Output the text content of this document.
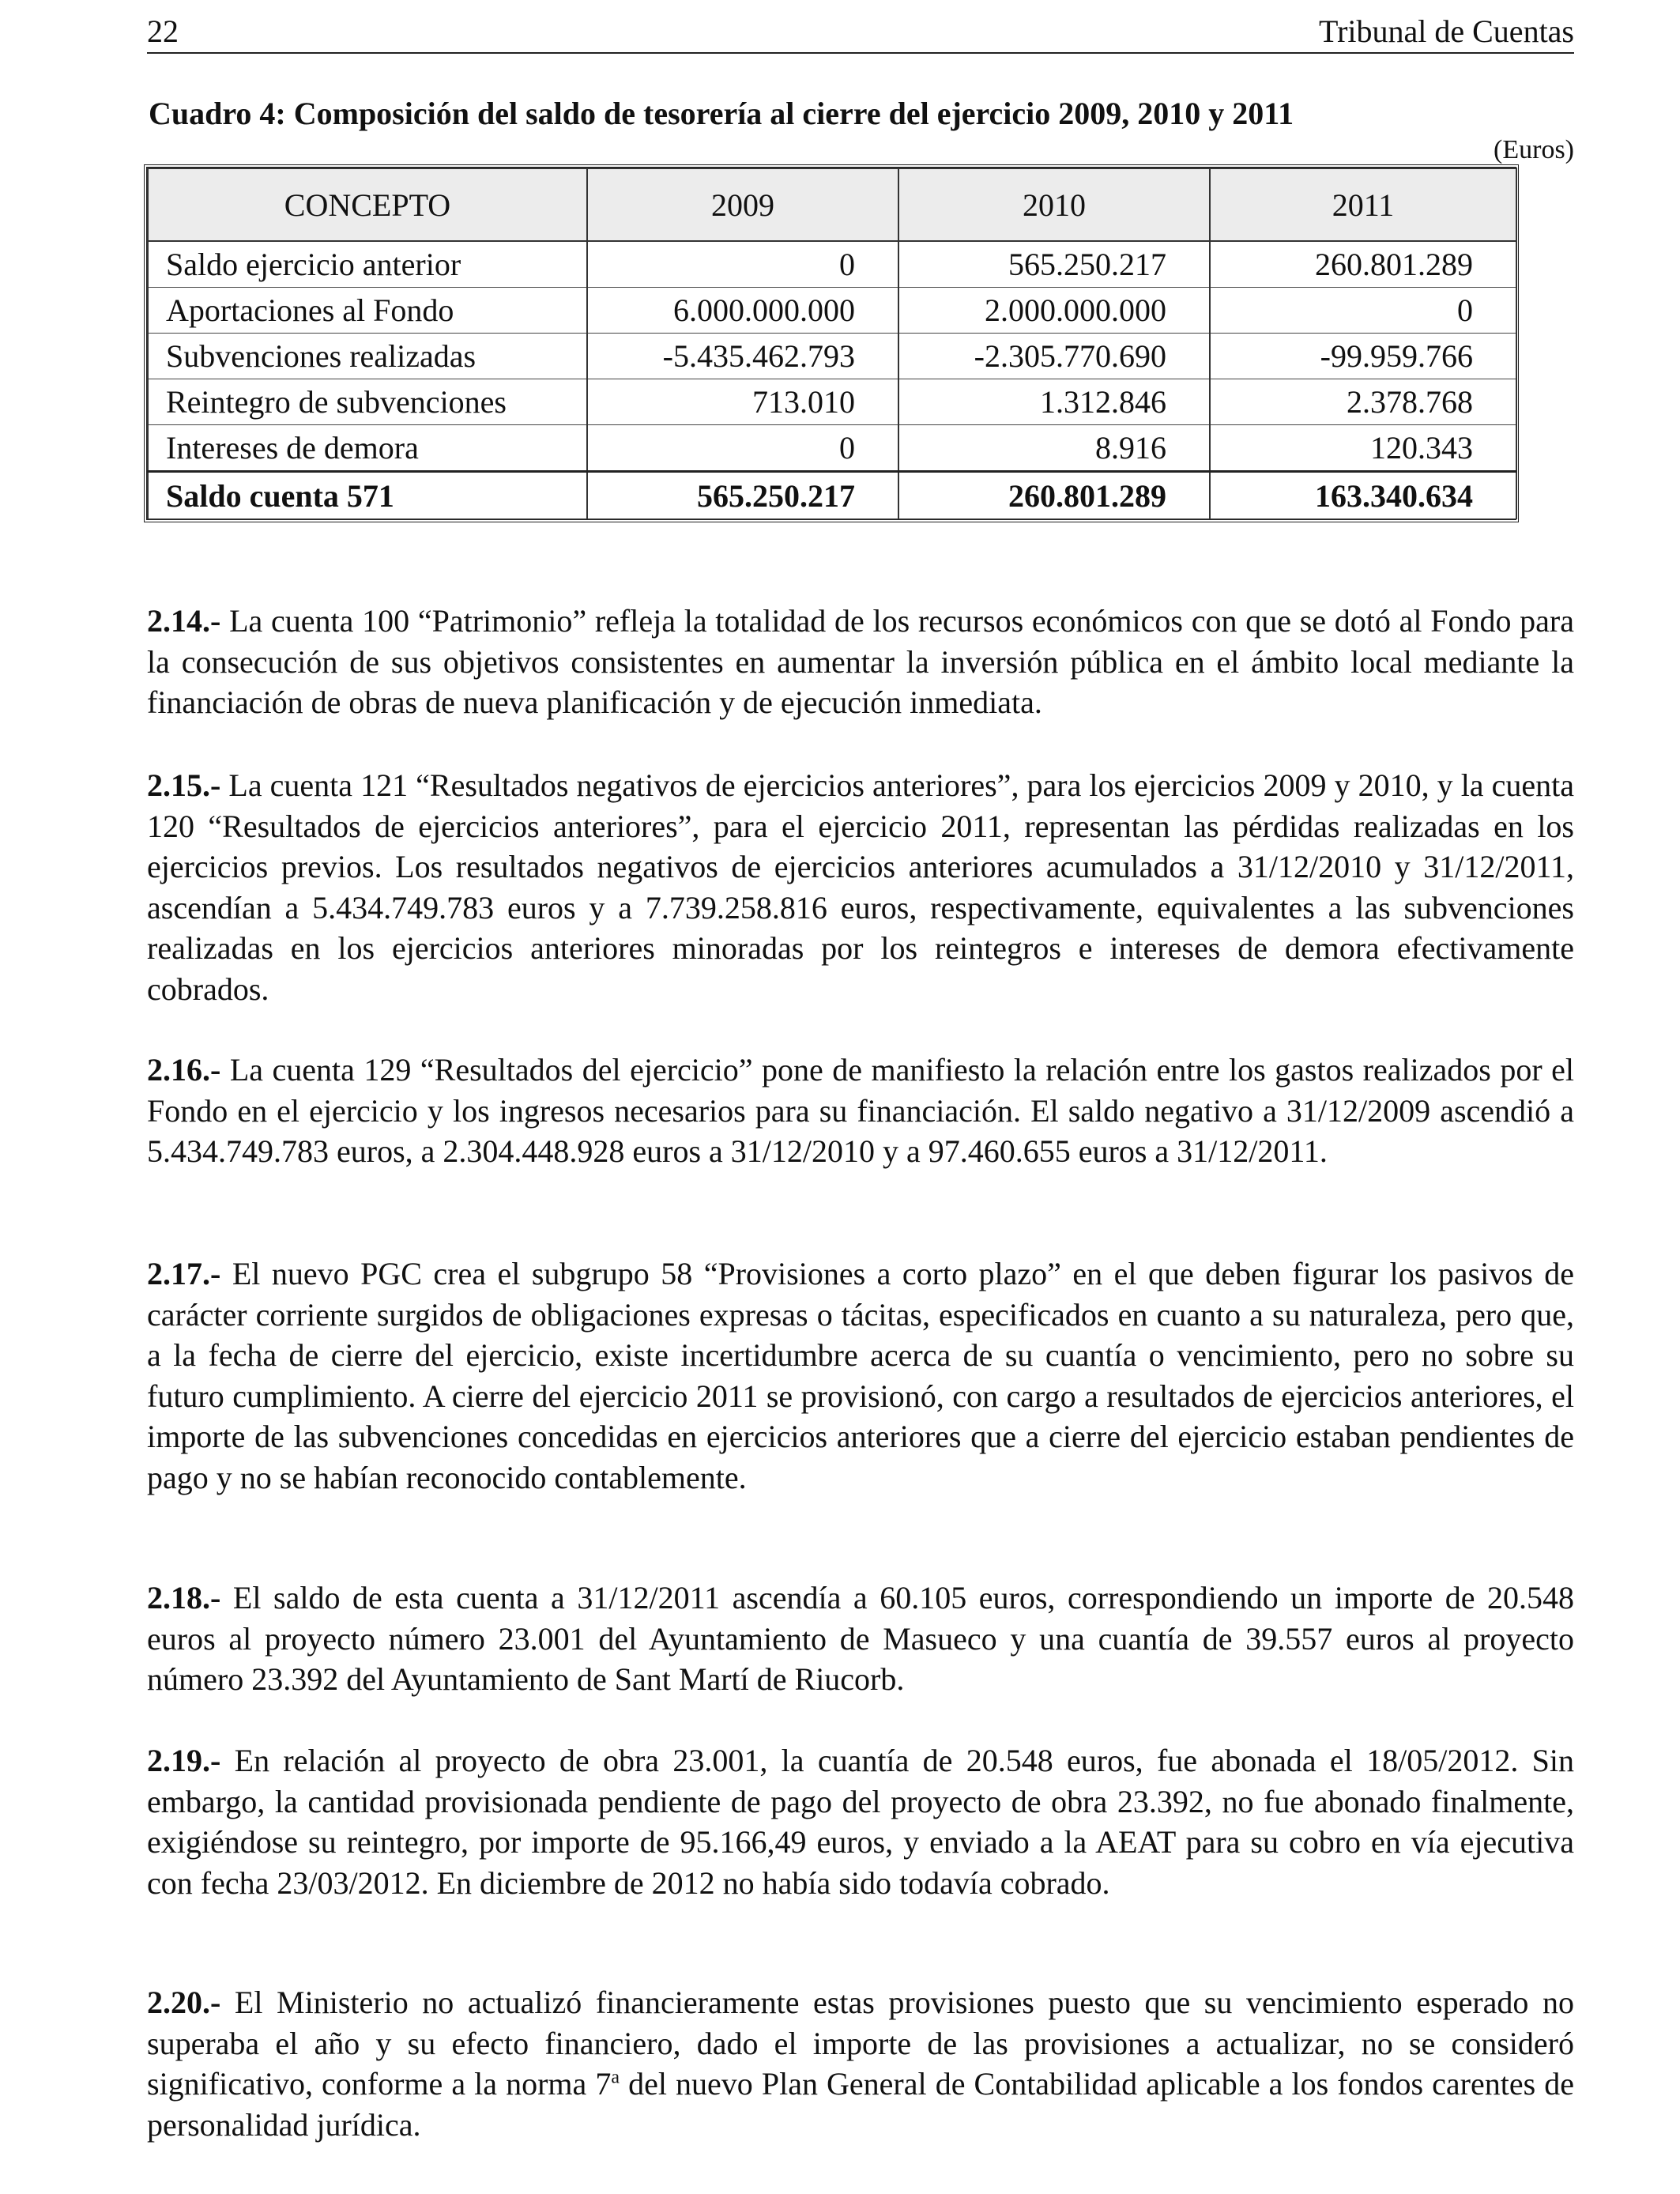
22	Tribunal de Cuentas
Cuadro 4: Composición del saldo de tesorería al cierre del ejercicio 2009, 2010 y 2011
(Euros)
CONCEPTO	2009	2010	2011
Saldo ejercicio anterior	0	565.250.217	260.801.289
Aportaciones al Fondo	6.000.000.000	2.000.000.000	0
Subvenciones realizadas	-5.435.462.793	-2.305.770.690	-99.959.766
Reintegro de subvenciones	713.010	1.312.846	2.378.768
Intereses de demora	0	8.916	120.343
Saldo cuenta 571	565.250.217	260.801.289	163.340.634

2.14.- La cuenta 100 “Patrimonio” refleja la totalidad de los recursos económicos con que se dotó al Fondo para la consecución de sus objetivos consistentes en aumentar la inversión pública en el ámbito local mediante la financiación de obras de nueva planificación y de ejecución inmediata.

2.15.- La cuenta 121 “Resultados negativos de ejercicios anteriores”, para los ejercicios 2009 y 2010, y la cuenta 120 “Resultados de ejercicios anteriores”, para el ejercicio 2011, representan las pérdidas realizadas en los ejercicios previos. Los resultados negativos de ejercicios anteriores acumulados a 31/12/2010 y 31/12/2011, ascendían a 5.434.749.783 euros y a 7.739.258.816 euros, respectivamente, equivalentes a las subvenciones realizadas en los ejercicios anteriores minoradas por los reintegros e intereses de demora efectivamente cobrados.

2.16.- La cuenta 129 “Resultados del ejercicio” pone de manifiesto la relación entre los gastos realizados por el Fondo en el ejercicio y los ingresos necesarios para su financiación. El saldo negativo a 31/12/2009 ascendió a 5.434.749.783 euros, a 2.304.448.928 euros a 31/12/2010 y a 97.460.655 euros a 31/12/2011.

2.17.- El nuevo PGC crea el subgrupo 58 “Provisiones a corto plazo” en el que deben figurar los pasivos de carácter corriente surgidos de obligaciones expresas o tácitas, especificados en cuanto a su naturaleza, pero que, a la fecha de cierre del ejercicio, existe incertidumbre acerca de su cuantía o vencimiento, pero no sobre su futuro cumplimiento. A cierre del ejercicio 2011 se provisionó, con cargo a resultados de ejercicios anteriores, el importe de las subvenciones concedidas en ejercicios anteriores que a cierre del ejercicio estaban pendientes de pago y no se habían reconocido contablemente.

2.18.- El saldo de esta cuenta a 31/12/2011 ascendía a 60.105 euros, correspondiendo un importe de 20.548 euros al proyecto número 23.001 del Ayuntamiento de Masueco y una cuantía de 39.557 euros al proyecto número 23.392 del Ayuntamiento de Sant Martí de Riucorb.

2.19.- En relación al proyecto de obra 23.001, la cuantía de 20.548 euros, fue abonada el 18/05/2012. Sin embargo, la cantidad provisionada pendiente de pago del proyecto de obra 23.392, no fue abonado finalmente, exigiéndose su reintegro, por importe de 95.166,49 euros, y enviado a la AEAT para su cobro en vía ejecutiva con fecha 23/03/2012. En diciembre de 2012 no había sido todavía cobrado.

2.20.- El Ministerio no actualizó financieramente estas provisiones puesto que su vencimiento esperado no superaba el año y su efecto financiero, dado el importe de las provisiones a actualizar, no se consideró significativo, conforme a la norma 7$^a$ del nuevo Plan General de Contabilidad aplicable a los fondos carentes de personalidad jurídica.
